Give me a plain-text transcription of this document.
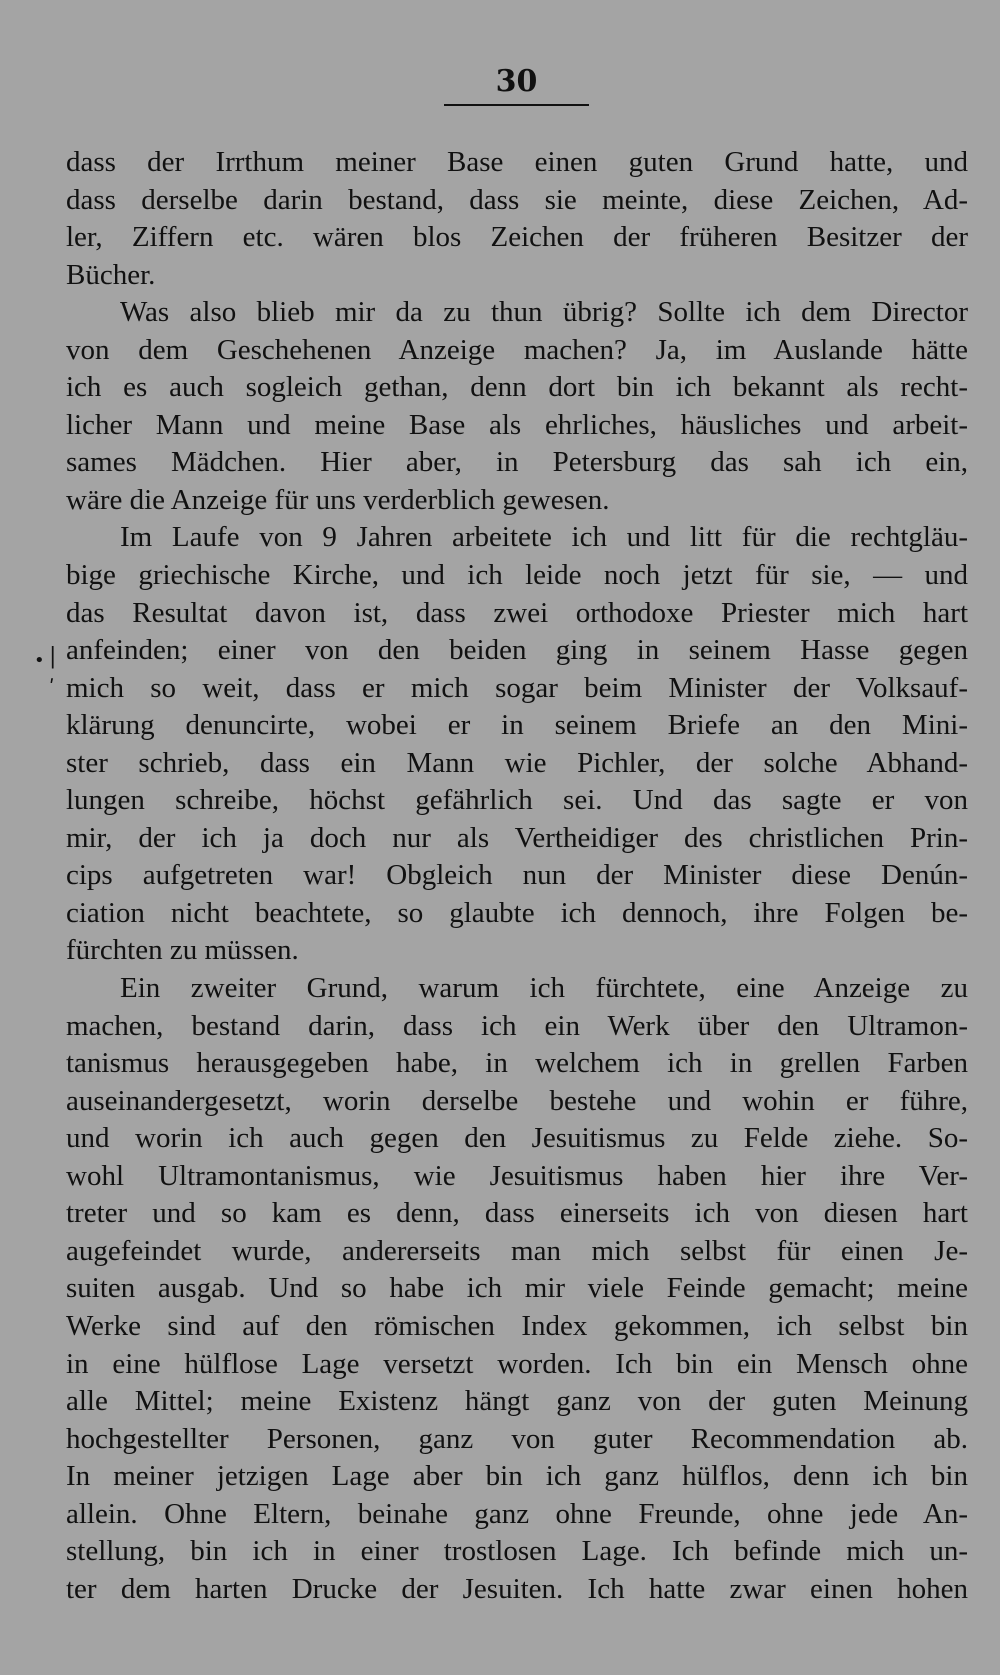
30
• |
ʹ
dass der Irrthum meiner Base einen guten Grund hatte, und
dass derselbe darin bestand, dass sie meinte, diese Zeichen, Ad-
ler, Ziffern etc. wären blos Zeichen der früheren Besitzer der
Bücher.
Was also blieb mir da zu thun übrig? Sollte ich dem Director
von dem Geschehenen Anzeige machen? Ja, im Auslande hätte
ich es auch sogleich gethan, denn dort bin ich bekannt als recht-
licher Mann und meine Base als ehrliches, häusliches und arbeit-
sames Mädchen. Hier aber, in Petersburg das sah ich ein,
wäre die Anzeige für uns verderblich gewesen.
Im Laufe von 9 Jahren arbeitete ich und litt für die rechtgläu-
bige griechische Kirche, und ich leide noch jetzt für sie, — und
das Resultat davon ist, dass zwei orthodoxe Priester mich hart
anfeinden; einer von den beiden ging in seinem Hasse gegen
mich so weit, dass er mich sogar beim Minister der Volksauf-
klärung denuncirte, wobei er in seinem Briefe an den Mini-
ster schrieb, dass ein Mann wie Pichler, der solche Abhand-
lungen schreibe, höchst gefährlich sei. Und das sagte er von
mir, der ich ja doch nur als Vertheidiger des christlichen Prin-
cips aufgetreten war! Obgleich nun der Minister diese Denún-
ciation nicht beachtete, so glaubte ich dennoch, ihre Folgen be-
fürchten zu müssen.
Ein zweiter Grund, warum ich fürchtete, eine Anzeige zu
machen, bestand darin, dass ich ein Werk über den Ultramon-
tanismus herausgegeben habe, in welchem ich in grellen Farben
auseinandergesetzt, worin derselbe bestehe und wohin er führe,
und worin ich auch gegen den Jesuitismus zu Felde ziehe. So-
wohl Ultramontanismus, wie Jesuitismus haben hier ihre Ver-
treter und so kam es denn, dass einerseits ich von diesen hart
augefeindet wurde, andererseits man mich selbst für einen Je-
suiten ausgab. Und so habe ich mir viele Feinde gemacht; meine
Werke sind auf den römischen Index gekommen, ich selbst bin
in eine hülflose Lage versetzt worden. Ich bin ein Mensch ohne
alle Mittel; meine Existenz hängt ganz von der guten Meinung
hochgestellter Personen, ganz von guter Recommendation ab.
In meiner jetzigen Lage aber bin ich ganz hülflos, denn ich bin
allein. Ohne Eltern, beinahe ganz ohne Freunde, ohne jede An-
stellung, bin ich in einer trostlosen Lage. Ich befinde mich un-
ter dem harten Drucke der Jesuiten. Ich hatte zwar einen hohen
